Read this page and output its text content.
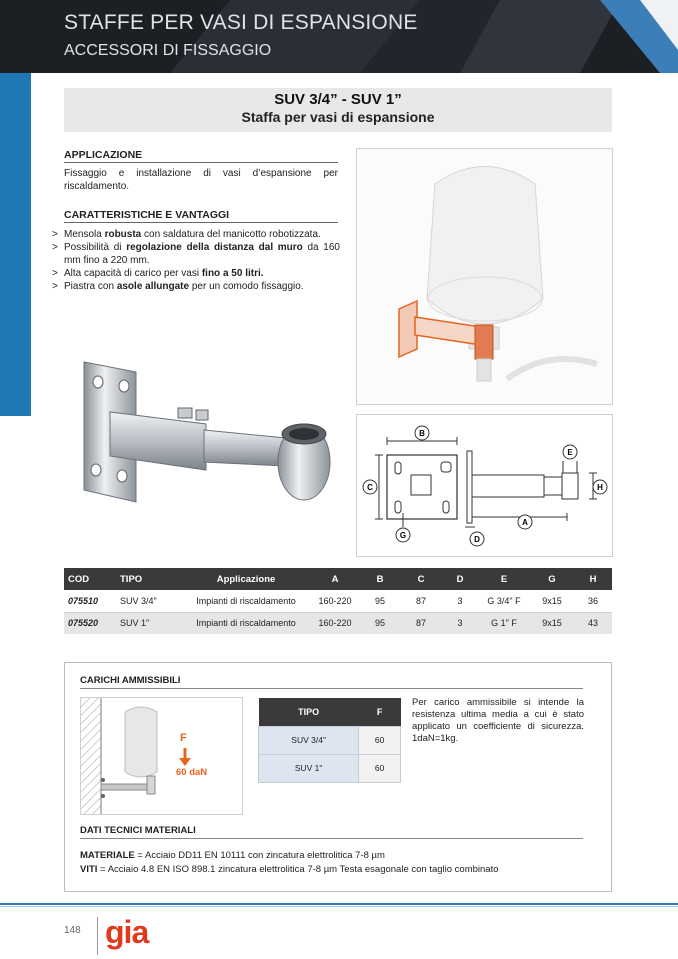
STAFFE PER VASI DI ESPANSIONE
ACCESSORI DI FISSAGGIO
SUV 3/4” - SUV 1”
Staffa per vasi di espansione
APPLICAZIONE
Fissaggio e installazione di vasi d’espansione per riscaldamento.
CARATTERISTICHE E VANTAGGI
> Mensola robusta con saldatura del manicotto robotizzata.
> Possibilità di regolazione della distanza dal muro da 160 mm fino a 220 mm.
> Alta capacità di carico per vasi fino a 50 litri.
> Piastra con asole allungate per un comodo fissaggio.
B
C
G	D
A
E
H
COD	TIPO	Applicazione	A	B	C	D	E	G	H
075510	SUV 3/4"	Impianti di riscaldamento	160-220	95	87	3	G 3/4" F	9x15	36
075520	SUV 1"	Impianti di riscaldamento	160-220	95	87	3	G 1" F	9x15	43
CARICHI AMMISSIBILI
F
60 daN
TIPO	F
SUV 3/4"	60
SUV 1"	60
Per carico ammissibile si intende la resistenza ultima media a cui è stato applicato un coefficiente di sicurezza. 1daN=1kg.
DATI TECNICI MATERIALI
MATERIALE = Acciaio DD11 EN 10111 con zincatura elettrolitica 7-8 µm
VITI = Acciaio 4.8 EN ISO 898.1 zincatura elettrolitica 7-8 µm Testa esagonale con taglio combinato
148 gia
